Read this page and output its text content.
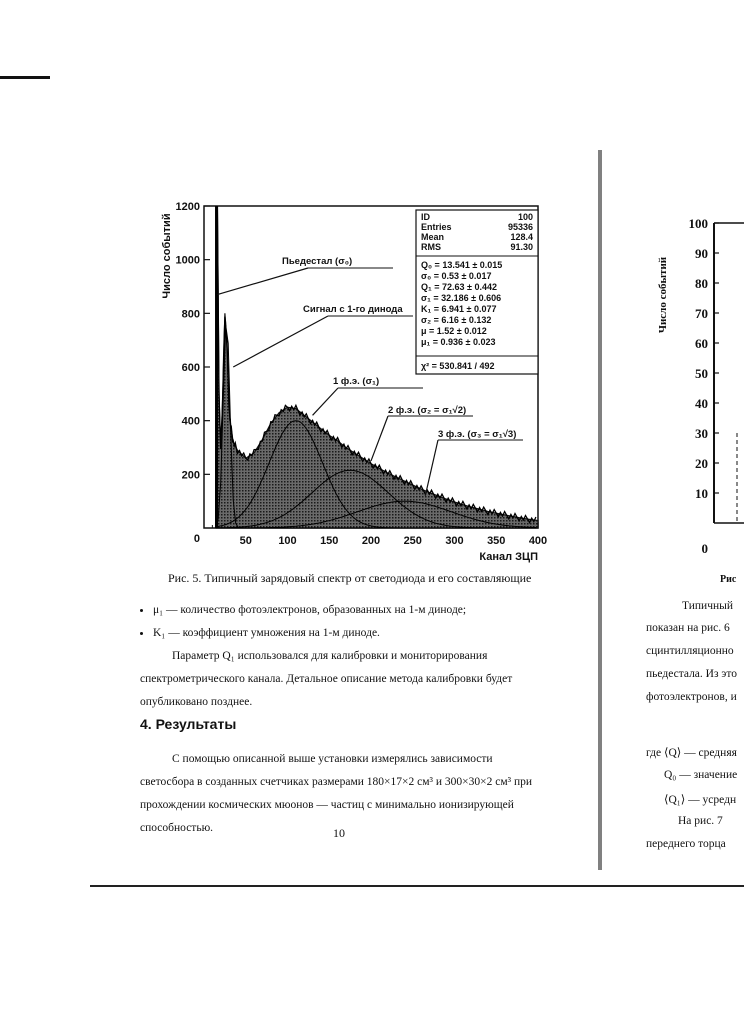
200
400
600
800
1000
1200
50 100 150 200 250 300 350 400
0
Число событий
Канал ЗЦП
Пьедестал (σ₀)
Сигнал с 1-го динода
1 ф.э. (σ₁)
2 ф.э. (σ₂ = σ₁√2)
3 ф.э. (σ₃ = σ₁√3)
ID	100
Entries	95336
Mean	128.4
RMS	91.30
Q₀ = 13.541 ± 0.015
σ₀ = 0.53 ± 0.017
Q₁ = 72.63 ± 0.442
σ₁ = 32.186 ± 0.606
K₁ = 6.941 ± 0.077
σ₂ = 6.16 ± 0.132
μ = 1.52 ± 0.012
μ₁ = 0.936 ± 0.023
χ² = 530.841 / 492
Рис. 5. Типичный зарядовый спектр от светодиода и его составляющие
μ₁ — количество фотоэлектронов, образованных на 1-м диноде;
K₁ — коэффициент умножения на 1-м диноде.
Параметр Q₁ использовался для калибровки и мониторирования
спектрометрического канала. Детальное описание метода калибровки будет
опубликовано позднее.
4. Результаты
С помощью описанной выше установки измерялись зависимости
светосбора в созданных счетчиках размерами 180×17×2 см³ и 300×30×2 см³ при
прохождении космических мюонов — частиц с минимально ионизирующей
способностью.	10
100
90
80
70
60
50
40
30
20
10
0
Число событий
Рис
Типичный
показан на рис. 6
сцинтилляционно
пьедестала. Из это
фотоэлектронов, и
где ⟨Q⟩ — средняя
Q₀ — значение
⟨Q₁⟩ — усредн
На рис. 7
переднего торца
